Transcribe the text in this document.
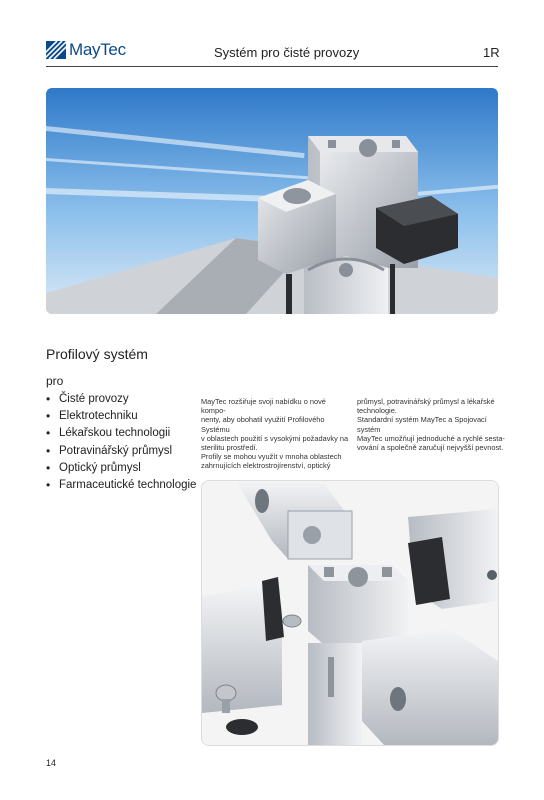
MayTec	Systém pro čisté provozy	1R
Profilový systém
pro
• Čisté provozy
• Elektrotechniku
• Lékařskou technologii
• Potravinářský průmysl
• Optický průmysl
• Farmaceutické technologie

MayTec rozšiřuje svoji nabídku o nové kompo-

nenty, aby obohatil využití Profilového Systému

v oblastech použití s vysokými požadavky na

sterilitu prostředí.

Profily se mohou využít v mnoha oblastech

zahrnujících elektrostrojírenství, optický

průmysl, potravinářský průmysl a lékařské

technologie.

Standardní systém MayTec a Spojovací systém

MayTec umožňují jednoduché a rychlé sesta-

vování a společně zaručují nejvyšší pevnost.

14
